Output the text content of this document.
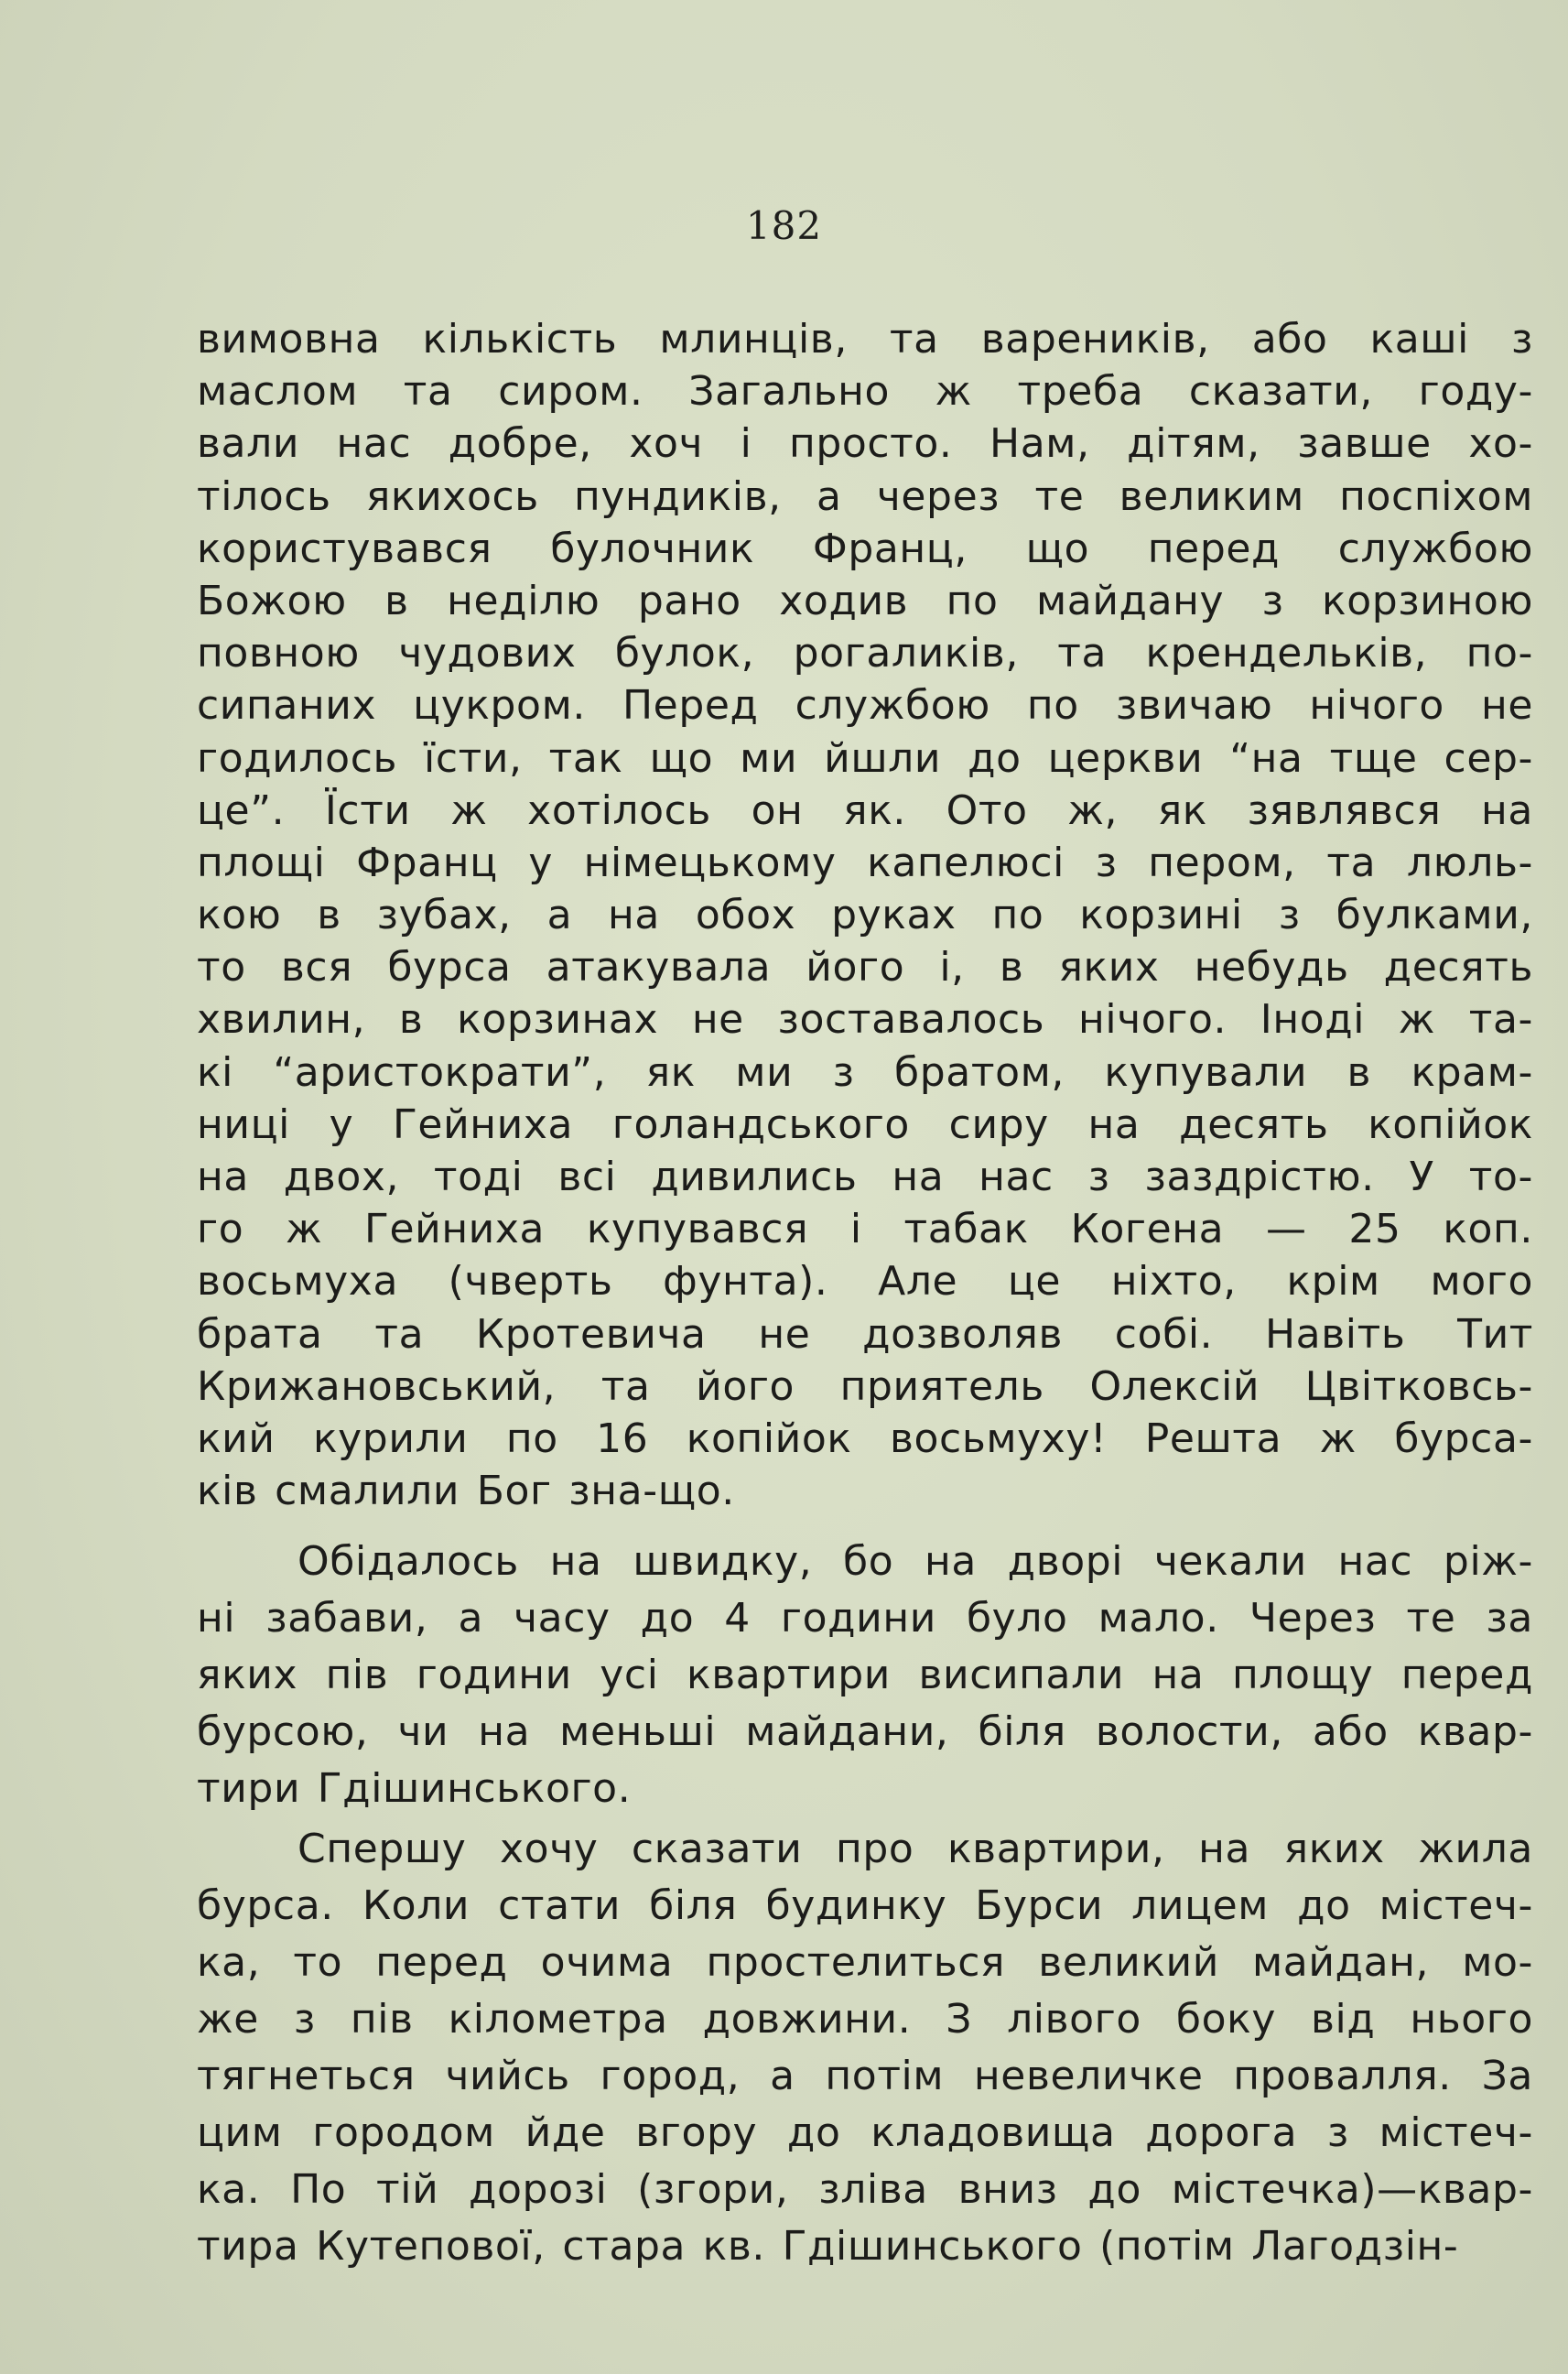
182
вимовна кількість млинців, та вареників, або каші з
маслом та сиром. Загально ж треба сказати, году-
вали нас добре, хоч і просто. Нам, дітям, завше хо-
тілось якихось пундиків, а через те великим поспіхом
користувався булочник Франц, що перед службою
Божою в неділю рано ходив по майдану з корзиною
повною чудових булок, рогаликів, та крендельків, по-
сипаних цукром. Перед службою по звичаю нічого не
годилось їсти, так що ми йшли до церкви “на тще сер-
це”. Їсти ж хотілось он як. Ото ж, як зявлявся на
площі Франц у німецькому капелюсі з пером, та люль-
кою в зубах, а на обох руках по корзині з булками,
то вся бурса атакувала його і, в яких небудь десять
хвилин, в корзинах не зоставалось нічого. Іноді ж та-
кі “аристократи”, як ми з братом, купували в крам-
ниці у Гейниха голандського сиру на десять копійок
на двох, тоді всі дивились на нас з заздрістю. У то-
го ж Гейниха купувався і табак Когена — 25 коп.
восьмуха (чверть фунта). Але це ніхто, крім мого
брата та Кротевича не дозволяв собі. Навіть Тит
Крижановський, та його приятель Олексій Цвітковсь-
кий курили по 16 копійок восьмуху! Решта ж бурса-
ків смалили Бог зна-що.
Обідалось на швидку, бо на дворі чекали нас ріж-
ні забави, а часу до 4 години було мало. Через те за
яких пів години усі квартири висипали на площу перед
бурсою, чи на меньші майдани, біля волости, або квар-
тири Гдішинського.
Спершу хочу сказати про квартири, на яких жила
бурса. Коли стати біля будинку Бурси лицем до містеч-
ка, то перед очима простелиться великий майдан, мо-
же з пів кілометра довжини. З лівого боку від нього
тягнеться чийсь город, а потім невеличке провалля. За
цим городом йде вгору до кладовища дорога з містеч-
ка. По тій дорозі (згори, зліва вниз до містечка)—квар-
тира Кутепової, стара кв. Гдішинського (потім Лагодзін-
